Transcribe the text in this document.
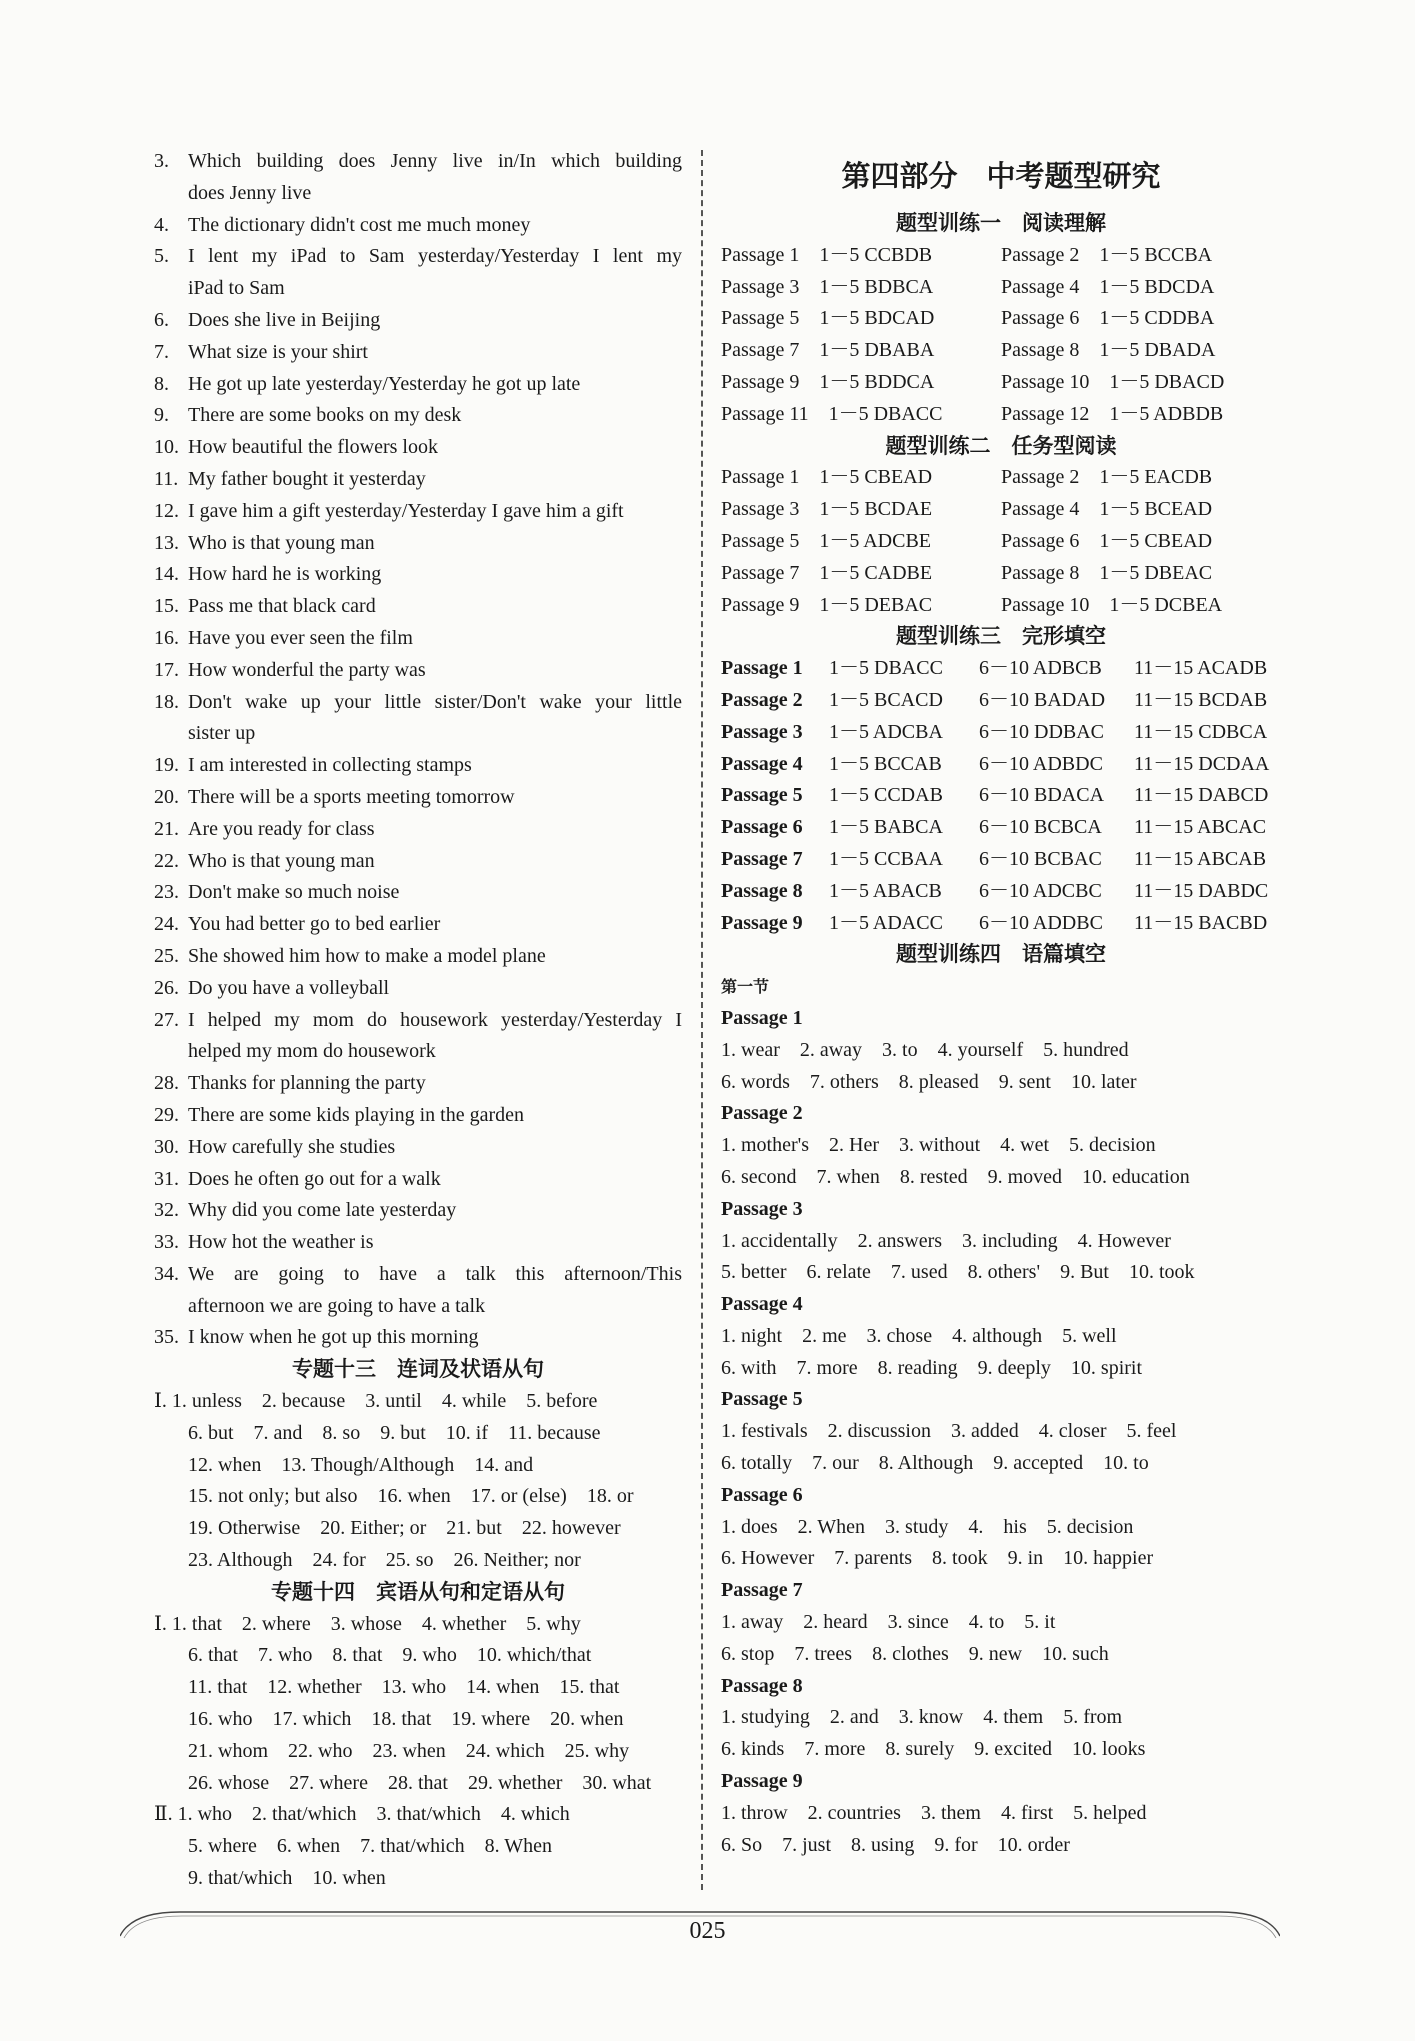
3. Which building does Jenny live in/In which building
does Jenny live
4. The dictionary didn't cost me much money
5. I lent my iPad to Sam yesterday/Yesterday I lent my
iPad to Sam
6. Does she live in Beijing
7. What size is your shirt
8. He got up late yesterday/Yesterday he got up late
9. There are some books on my desk
10. How beautiful the flowers look
11. My father bought it yesterday
12. I gave him a gift yesterday/Yesterday I gave him a gift
13. Who is that young man
14. How hard he is working
15. Pass me that black card
16. Have you ever seen the film
17. How wonderful the party was
18. Don't wake up your little sister/Don't wake your little
sister up
19. I am interested in collecting stamps
20. There will be a sports meeting tomorrow
21. Are you ready for class
22. Who is that young man
23. Don't make so much noise
24. You had better go to bed earlier
25. She showed him how to make a model plane
26. Do you have a volleyball
27. I helped my mom do housework yesterday/Yesterday I
helped my mom do housework
28. Thanks for planning the party
29. There are some kids playing in the garden
30. How carefully she studies
31. Does he often go out for a walk
32. Why did you come late yesterday
33. How hot the weather is
34. We are going to have a talk this afternoon/This
afternoon we are going to have a talk
35. I know when he got up this morning
专题十三　连词及状语从句
Ⅰ. 1. unless　2. because　3. until　4. while　5. before
6. but　7. and　8. so　9. but　10. if　11. because
12. when　13. Though/Although　14. and
15. not only; but also　16. when　17. or (else)　18. or
19. Otherwise　20. Either; or　21. but　22. however
23. Although　24. for　25. so　26. Neither; nor
专题十四　宾语从句和定语从句
Ⅰ. 1. that　2. where　3. whose　4. whether　5. why
6. that　7. who　8. that　9. who　10. which/that
11. that　12. whether　13. who　14. when　15. that
16. who　17. which　18. that　19. where　20. when
21. whom　22. who　23. when　24. which　25. why
26. whose　27. where　28. that　29. whether　30. what
Ⅱ. 1. who　2. that/which　3. that/which　4. which
5. where　6. when　7. that/which　8. When
9. that/which　10. when
第四部分　中考题型研究
题型训练一　阅读理解
Passage 1　1－5 CCBDB	Passage 2　1－5 BCCBA
Passage 3　1－5 BDBCA	Passage 4　1－5 BDCDA
Passage 5　1－5 BDCAD	Passage 6　1－5 CDDBA
Passage 7　1－5 DBABA	Passage 8　1－5 DBADA
Passage 9　1－5 BDDCA	Passage 10　1－5 DBACD
Passage 11　1－5 DBACC	Passage 12　1－5 ADBDB
题型训练二　任务型阅读
Passage 1　1－5 CBEAD	Passage 2　1－5 EACDB
Passage 3　1－5 BCDAE	Passage 4　1－5 BCEAD
Passage 5　1－5 ADCBE	Passage 6　1－5 CBEAD
Passage 7　1－5 CADBE	Passage 8　1－5 DBEAC
Passage 9　1－5 DEBAC	Passage 10　1－5 DCBEA
题型训练三　完形填空
Passage 1 1－5 DBACC 6－10 ADBCB 11－15 ACADB
Passage 2 1－5 BCACD 6－10 BADAD 11－15 BCDAB
Passage 3 1－5 ADCBA 6－10 DDBAC 11－15 CDBCA
Passage 4 1－5 BCCAB 6－10 ADBDC 11－15 DCDAA
Passage 5 1－5 CCDAB 6－10 BDACA 11－15 DABCD
Passage 6 1－5 BABCA 6－10 BCBCA 11－15 ABCAC
Passage 7 1－5 CCBAA 6－10 BCBAC 11－15 ABCAB
Passage 8 1－5 ABACB 6－10 ADCBC 11－15 DABDC
Passage 9 1－5 ADACC 6－10 ADDBC 11－15 BACBD
题型训练四　语篇填空
第一节
Passage 1
1. wear　2. away　3. to　4. yourself　5. hundred
6. words　7. others　8. pleased　9. sent　10. later
Passage 2
1. mother's　2. Her　3. without　4. wet　5. decision
6. second　7. when　8. rested　9. moved　10. education
Passage 3
1. accidentally　2. answers　3. including　4. However
5. better　6. relate　7. used　8. others'　9. But　10. took
Passage 4
1. night　2. me　3. chose　4. although　5. well
6. with　7. more　8. reading　9. deeply　10. spirit
Passage 5
1. festivals　2. discussion　3. added　4. closer　5. feel
6. totally　7. our　8. Although　9. accepted　10. to
Passage 6
1. does　2. When　3. study　4.　his　5. decision
6. However　7. parents　8. took　9. in　10. happier
Passage 7
1. away　2. heard　3. since　4. to　5. it
6. stop　7. trees　8. clothes　9. new　10. such
Passage 8
1. studying　2. and　3. know　4. them　5. from
6. kinds　7. more　8. surely　9. excited　10. looks
Passage 9
1. throw　2. countries　3. them　4. first　5. helped
6. So　7. just　8. using　9. for　10. order
025
